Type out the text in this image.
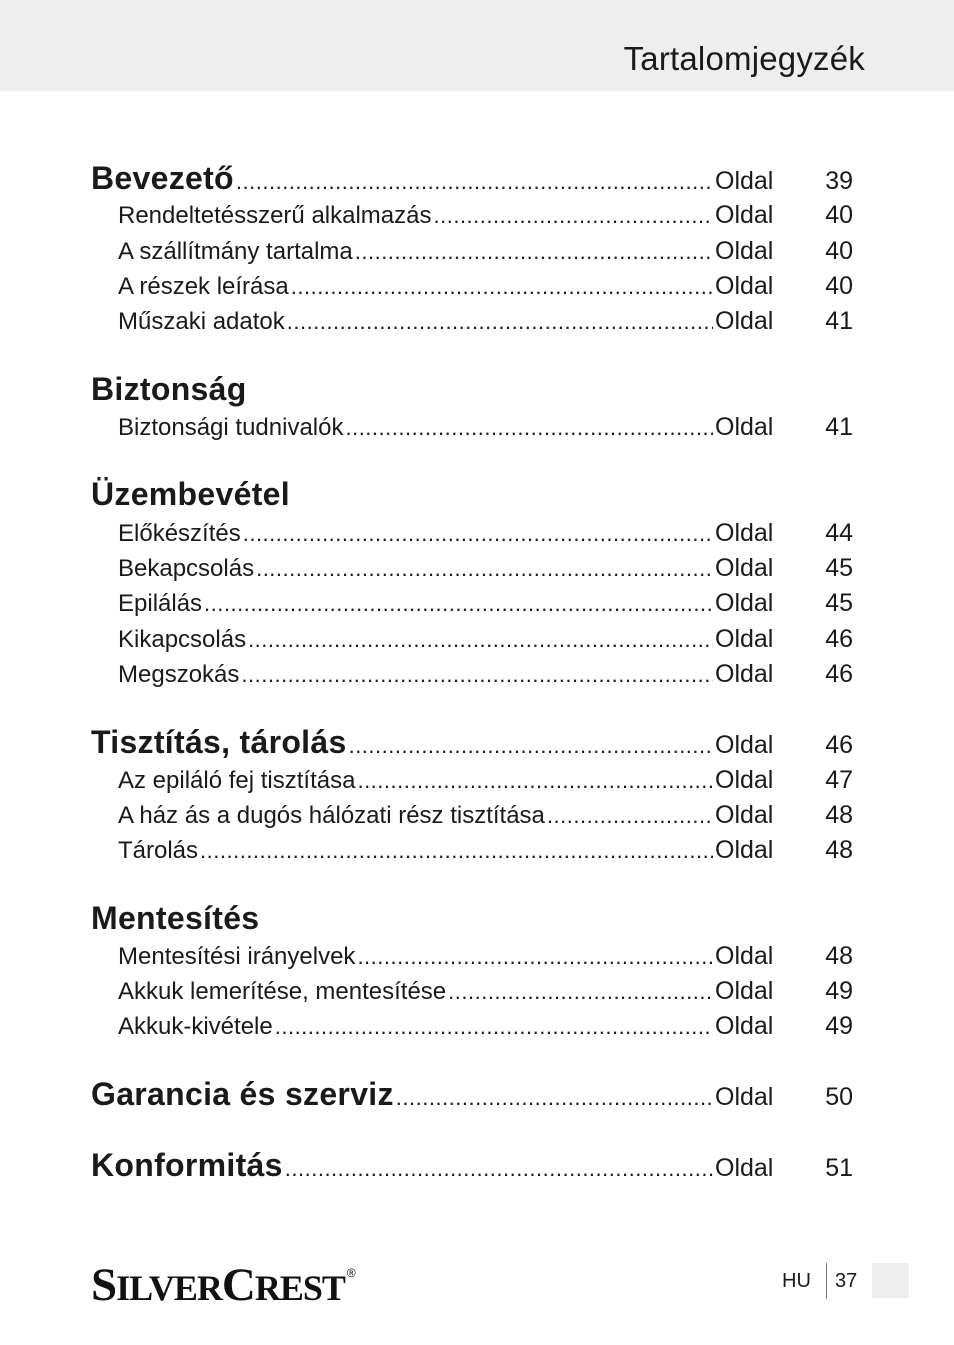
Tartalomjegyzék
Bevezető .....	Oldal	39
Rendeltetésszerű alkalmazás .....	Oldal	40
A szállítmány tartalma .....	Oldal	40
A részek leírása .....	Oldal	40
Műszaki adatok .....	Oldal	41
Biztonság
Biztonsági tudnivalók .....	Oldal	41
Üzembevétel
Előkészítés .....	Oldal	44
Bekapcsolás .....	Oldal	45
Epilálás .....	Oldal	45
Kikapcsolás .....	Oldal	46
Megszokás .....	Oldal	46
Tisztítás, tárolás .....	Oldal	46
Az epiláló fej tisztítása .....	Oldal	47
A ház ás a dugós hálózati rész tisztítása .....	Oldal	48
Tárolás .....	Oldal	48
Mentesítés
Mentesítési irányelvek .....	Oldal	48
Akkuk lemerítése, mentesítése .....	Oldal	49
Akkuk-kivétele .....	Oldal	49
Garancia és szerviz .....	Oldal	50
Konformitás .....	Oldal	51
SILVERCREST ®	HU 37
